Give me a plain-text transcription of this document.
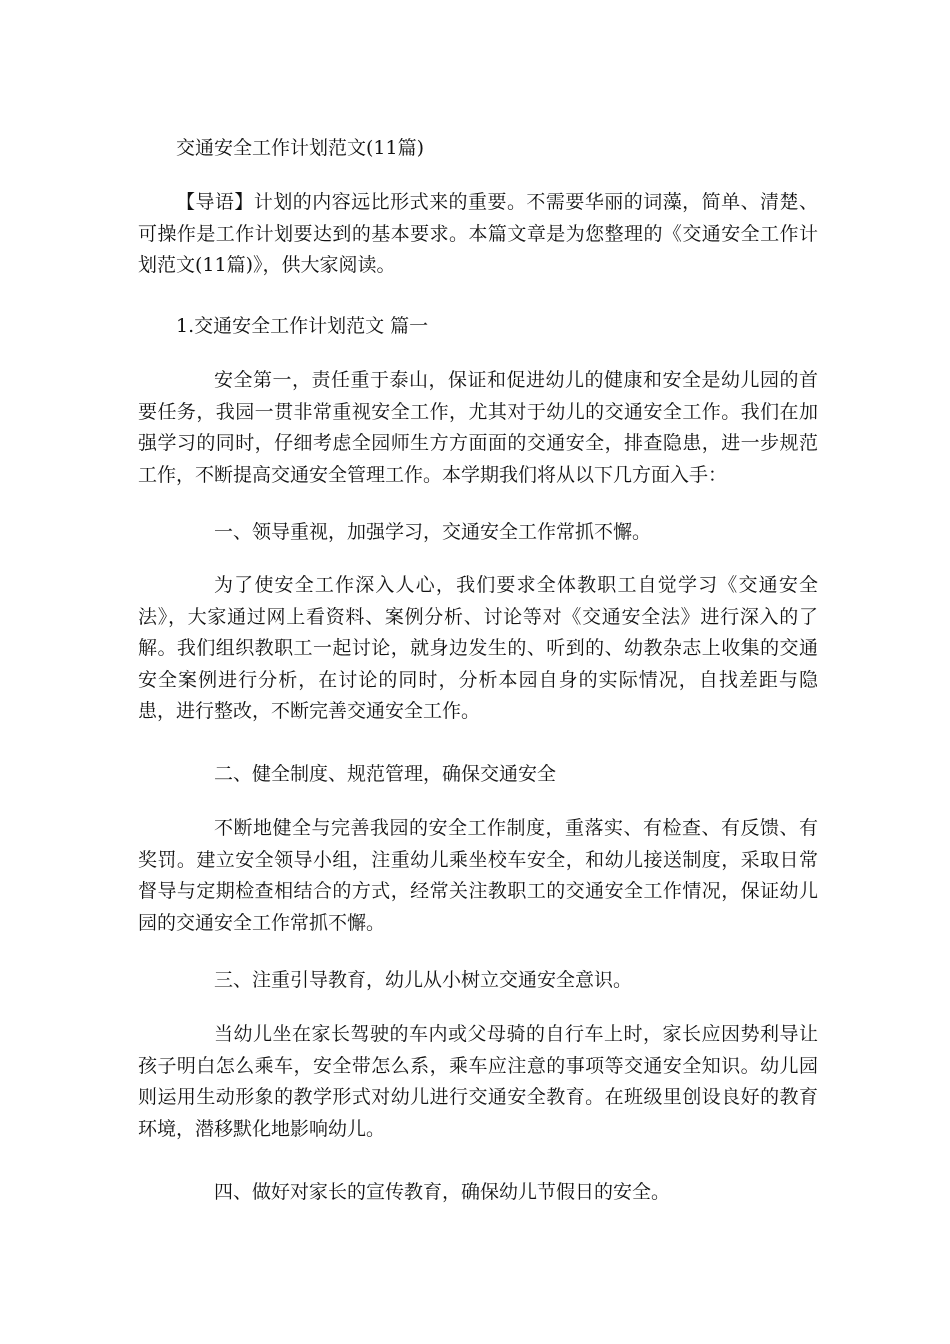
交通安全工作计划范文(11篇)

【导语】计划的内容远比形式来的重要。不需要华丽的词藻，简单、清楚、可操作是工作计划要达到的基本要求。本篇文章是为您整理的《交通安全工作计划范文(11篇)》，供大家阅读。

1.交通安全工作计划范文 篇一

安全第一，责任重于泰山，保证和促进幼儿的健康和安全是幼儿园的首要任务，我园一贯非常重视安全工作，尤其对于幼儿的交通安全工作。我们在加强学习的同时，仔细考虑全园师生方方面面的交通安全，排查隐患，进一步规范工作，不断提高交通安全管理工作。本学期我们将从以下几方面入手：

一、领导重视，加强学习，交通安全工作常抓不懈。

为了使安全工作深入人心，我们要求全体教职工自觉学习《交通安全法》，大家通过网上看资料、案例分析、讨论等对《交通安全法》进行深入的了解。我们组织教职工一起讨论，就身边发生的、听到的、幼教杂志上收集的交通安全案例进行分析，在讨论的同时，分析本园自身的实际情况，自找差距与隐患，进行整改，不断完善交通安全工作。

二、健全制度、规范管理，确保交通安全

不断地健全与完善我园的安全工作制度，重落实、有检查、有反馈、有奖罚。建立安全领导小组，注重幼儿乘坐校车安全，和幼儿接送制度，采取日常督导与定期检查相结合的方式，经常关注教职工的交通安全工作情况，保证幼儿园的交通安全工作常抓不懈。

三、注重引导教育，幼儿从小树立交通安全意识。

当幼儿坐在家长驾驶的车内或父母骑的自行车上时，家长应因势利导让孩子明白怎么乘车，安全带怎么系，乘车应注意的事项等交通安全知识。幼儿园则运用生动形象的教学形式对幼儿进行交通安全教育。在班级里创设良好的教育环境，潜移默化地影响幼儿。

四、做好对家长的宣传教育，确保幼儿节假日的安全。
